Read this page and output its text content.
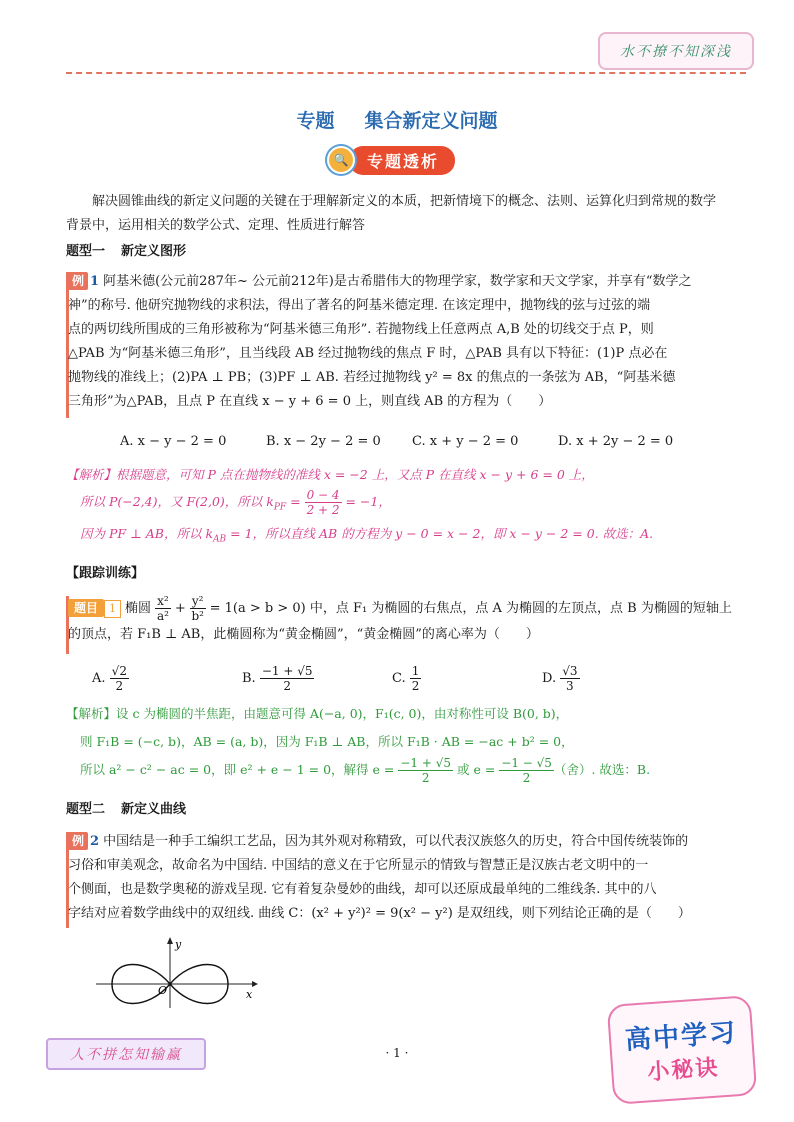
水不撩不知深浅
专题 集合新定义问题
🔍	专题透析
解决圆锥曲线的新定义问题的关键在于理解新定义的本质，把新情境下的概念、法则、运算化归到常规的数学
背景中，运用相关的数学公式、定理、性质进行解答
题型一 新定义图形
例 1 阿基米德(公元前287年~ 公元前212年)是古希腊伟大的物理学家，数学家和天文学家，并享有“数学之
神”的称号. 他研究抛物线的求积法，得出了著名的阿基米德定理. 在该定理中，抛物线的弦与过弦的端
点的两切线所围成的三角形被称为“阿基米德三角形”. 若抛物线上任意两点 A,B 处的切线交于点 P，则
△PAB 为“阿基米德三角形”，且当线段 AB 经过抛物线的焦点 F 时，△PAB 具有以下特征：(1)P 点必在
抛物线的准线上；(2)PA ⊥ PB；(3)PF ⊥ AB. 若经过抛物线 y² = 8x 的焦点的一条弦为 AB，“阿基米德
三角形”为△PAB，且点 P 在直线 x − y + 6 = 0 上，则直线 AB 的方程为（　　）
A. x − y − 2 = 0	B. x − 2y − 2 = 0	C. x + y − 2 = 0	D. x + 2y − 2 = 0
【解析】根据题意，可知 P 点在抛物线的准线 x = −2 上，又点 P 在直线 x − y + 6 = 0 上，
所以 P(−2,4)，又 F(2,0)，所以 $k_{PF} = \frac{0 - 4}{2 + 2} = -1$，
因为 PF ⊥ AB，所以 $k_{AB} = 1$，所以直线 AB 的方程为 y − 0 = x − 2，即 x − y − 2 = 0. 故选：A.
【跟踪训练】
题目 1 椭圆 $\frac{\text{x²}}{\text{a²}} + \frac{\text{y²}}{\text{b²}} = 1(a > b > 0)$ 中，点 F₁ 为椭圆的右焦点，点 A 为椭圆的左顶点，点 B 为椭圆的短轴上
的顶点，若 F₁B ⊥ AB，此椭圆称为“黄金椭圆”，“黄金椭圆”的离心率为（　　）
A. $\frac{√2}{2}$	B. $\frac{-1 + √5}{2}$	C. $\frac{1}{2}$	D. $\frac{√3}{3}$
【解析】设 c 为椭圆的半焦距，由题意可得 A(−a, 0)，F₁(c, 0)，由对称性可设 B(0, b)，
则 F₁B = (−c, b)，AB = (a, b)，因为 F₁B ⊥ AB，所以 F₁B · AB = −ac + b² = 0，
所以 a² − c² − ac = 0，即 e² + e − 1 = 0，解得 $e = \frac{-1 + √5}{2}$ 或 $e = \frac{-1 - √5}{2}$ （舍）. 故选：B.
题型二 新定义曲线
例 2 中国结是一种手工编织工艺品，因为其外观对称精致，可以代表汉族悠久的历史，符合中国传统装饰的
习俗和审美观念，故命名为中国结. 中国结的意义在于它所显示的情致与智慧正是汉族古老文明中的一
个侧面，也是数学奥秘的游戏呈现. 它有着复杂曼妙的曲线，却可以还原成最单纯的二维线条. 其中的八
字结对应着数学曲线中的双纽线. 曲线 C：(x² + y²)² = 9(x² − y²) 是双纽线，则下列结论正确的是（　　）
y
x
O
人不拼怎知输赢	· 1 ·	高中学习
小秘诀
